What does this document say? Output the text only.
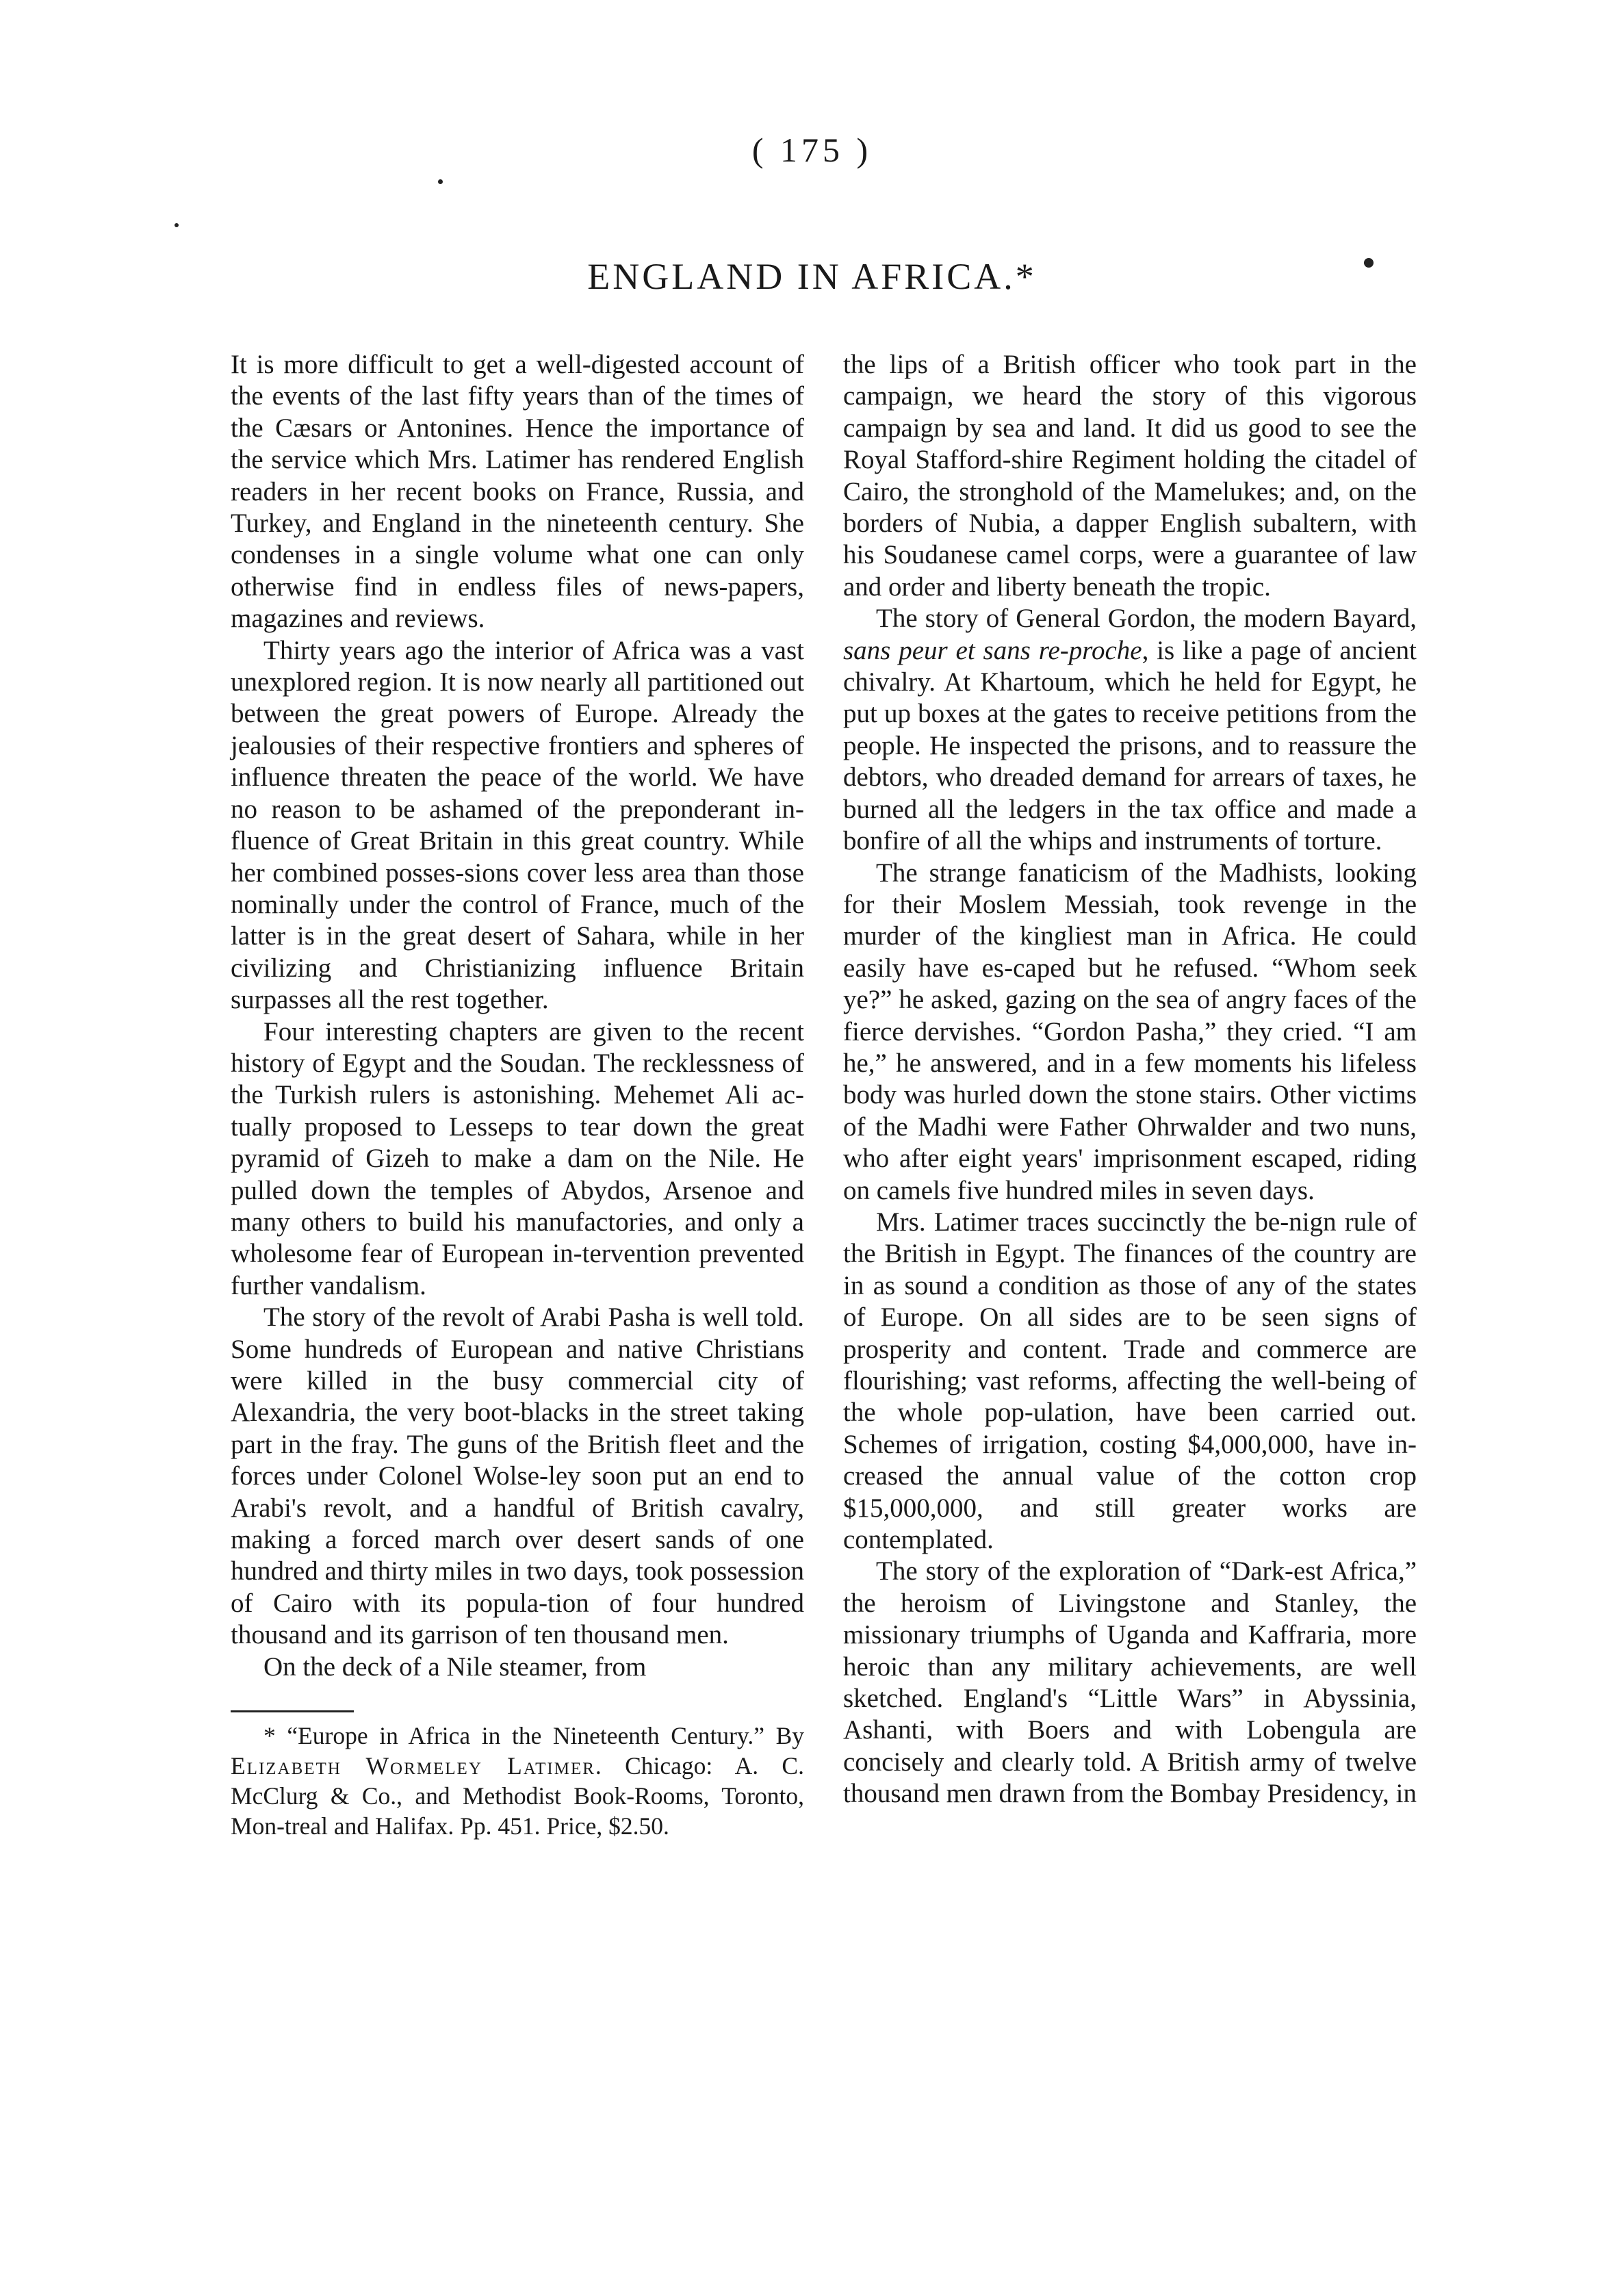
( 175 )
ENGLAND IN AFRICA.*

It is more difficult to get a well-digested account of the events of the last fifty years than of the times of the Cæsars or Antonines. Hence the importance of the service which Mrs. Latimer has rendered English readers in her recent books on France, Russia, and Turkey, and England in the nineteenth century. She condenses in a single volume what one can only otherwise find in endless files of news-papers, magazines and reviews.

Thirty years ago the interior of Africa was a vast unexplored region. It is now nearly all partitioned out between the great powers of Europe. Already the jealousies of their respective frontiers and spheres of influence threaten the peace of the world. We have no reason to be ashamed of the preponderant in-fluence of Great Britain in this great country. While her combined posses-sions cover less area than those nominally under the control of France, much of the latter is in the great desert of Sahara, while in her civilizing and Christianizing influence Britain surpasses all the rest together.

Four interesting chapters are given to the recent history of Egypt and the Soudan. The recklessness of the Turkish rulers is astonishing. Mehemet Ali ac-tually proposed to Lesseps to tear down the great pyramid of Gizeh to make a dam on the Nile. He pulled down the temples of Abydos, Arsenoe and many others to build his manufactories, and only a wholesome fear of European in-tervention prevented further vandalism.

The story of the revolt of Arabi Pasha is well told. Some hundreds of European and native Christians were killed in the busy commercial city of Alexandria, the very boot-blacks in the street taking part in the fray. The guns of the British fleet and the forces under Colonel Wolse-ley soon put an end to Arabi's revolt, and a handful of British cavalry, making a forced march over desert sands of one hundred and thirty miles in two days, took possession of Cairo with its popula-tion of four hundred thousand and its garrison of ten thousand men.

On the deck of a Nile steamer, from

* “Europe in Africa in the Nineteenth Century.” By Elizabeth Wormeley Latimer. Chicago: A. C. McClurg & Co., and Methodist Book-Rooms, Toronto, Mon-treal and Halifax. Pp. 451. Price, $2.50.

the lips of a British officer who took part in the campaign, we heard the story of this vigorous campaign by sea and land. It did us good to see the Royal Stafford-shire Regiment holding the citadel of Cairo, the stronghold of the Mamelukes; and, on the borders of Nubia, a dapper English subaltern, with his Soudanese camel corps, were a guarantee of law and order and liberty beneath the tropic.

The story of General Gordon, the modern Bayard, sans peur et sans re-proche, is like a page of ancient chivalry. At Khartoum, which he held for Egypt, he put up boxes at the gates to receive petitions from the people. He inspected the prisons, and to reassure the debtors, who dreaded demand for arrears of taxes, he burned all the ledgers in the tax office and made a bonfire of all the whips and instruments of torture.

The strange fanaticism of the Madhists, looking for their Moslem Messiah, took revenge in the murder of the kingliest man in Africa. He could easily have es-caped but he refused. “Whom seek ye?” he asked, gazing on the sea of angry faces of the fierce dervishes. “Gordon Pasha,” they cried. “I am he,” he answered, and in a few moments his lifeless body was hurled down the stone stairs. Other victims of the Madhi were Father Ohrwalder and two nuns, who after eight years' imprisonment escaped, riding on camels five hundred miles in seven days.

Mrs. Latimer traces succinctly the be-nign rule of the British in Egypt. The finances of the country are in as sound a condition as those of any of the states of Europe. On all sides are to be seen signs of prosperity and content. Trade and commerce are flourishing; vast reforms, affecting the well-being of the whole pop-ulation, have been carried out. Schemes of irrigation, costing $4,000,000, have in-creased the annual value of the cotton crop $15,000,000, and still greater works are contemplated.

The story of the exploration of “Dark-est Africa,” the heroism of Livingstone and Stanley, the missionary triumphs of Uganda and Kaffraria, more heroic than any military achievements, are well sketched. England's “Little Wars” in Abyssinia, Ashanti, with Boers and with Lobengula are concisely and clearly told. A British army of twelve thousand men drawn from the Bombay Presidency, in
